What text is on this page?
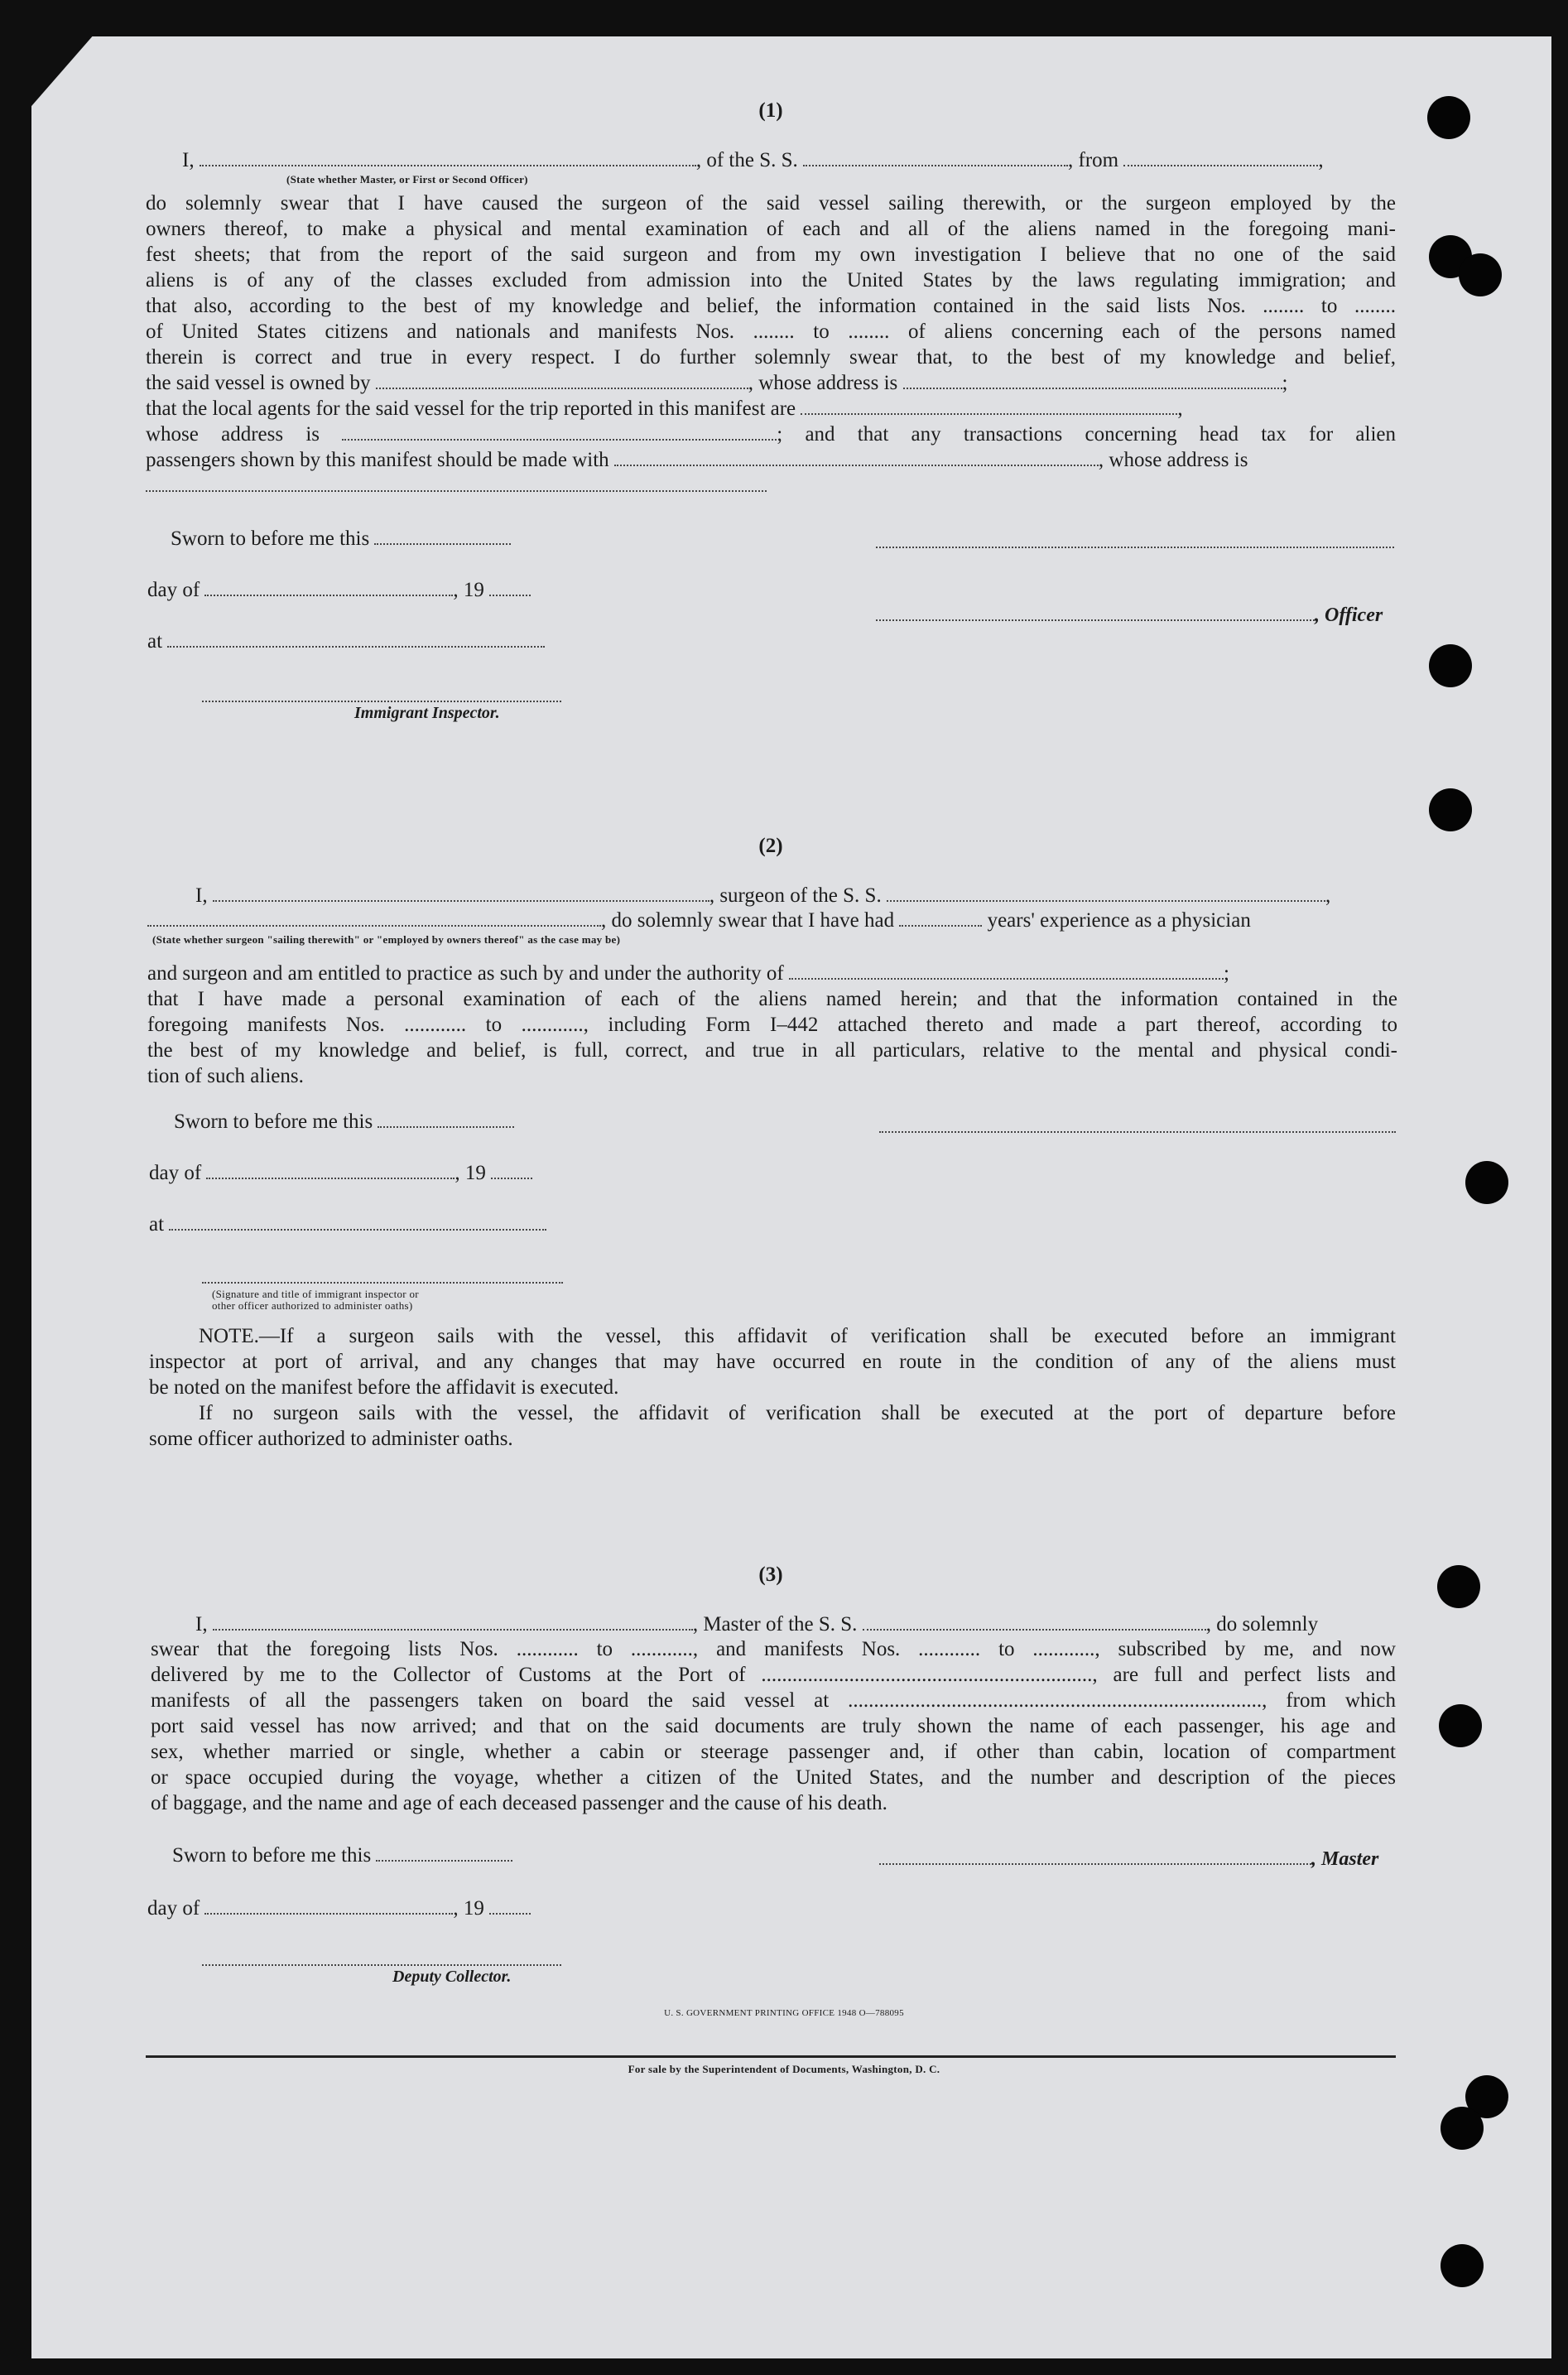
(1)
I,	, of the S. S.	, from	,
(State whether Master, or First or Second Officer)
do solemnly swear that I have caused the surgeon of the said vessel sailing therewith, or the surgeon employed by the
owners thereof, to make a physical and mental examination of each and all of the aliens named in the foregoing mani-
fest sheets; that from the report of the said surgeon and from my own investigation I believe that no one of the said
aliens is of any of the classes excluded from admission into the United States by the laws regulating immigration; and
that also, according to the best of my knowledge and belief, the information contained in the said lists Nos. ........ to ........
of United States citizens and nationals and manifests Nos. ........ to ........ of aliens concerning each of the persons named
therein is correct and true in every respect. I do further solemnly swear that, to the best of my knowledge and belief,
the said vessel is owned by	, whose address is	;
that the local agents for the said vessel for the trip reported in this manifest are	,
whose address is	; and that any transactions concerning head tax for alien
passengers shown by this manifest should be made with	, whose address is
Sworn to before me this
day of	, 19
, Officer
at
Immigrant Inspector.
(2)
I,	, surgeon of the S. S.	,
, do solemnly swear that I have had	years' experience as a physician
(State whether surgeon "sailing therewith" or "employed by owners thereof" as the case may be)
and surgeon and am entitled to practice as such by and under the authority of	;
that I have made a personal examination of each of the aliens named herein; and that the information contained in the
foregoing manifests Nos. ............ to ............, including Form I–442 attached thereto and made a part thereof, according to
the best of my knowledge and belief, is full, correct, and true in all particulars, relative to the mental and physical condi-
tion of such aliens.
Sworn to before me this
day of	, 19
at
(Signature and title of immigrant inspector or
other officer authorized to administer oaths)
NOTE.—If a surgeon sails with the vessel, this affidavit of verification shall be executed before an immigrant
inspector at port of arrival, and any changes that may have occurred en route in the condition of any of the aliens must
be noted on the manifest before the affidavit is executed.
If no surgeon sails with the vessel, the affidavit of verification shall be executed at the port of departure before
some officer authorized to administer oaths.
(3)
I,	, Master of the S. S.	, do solemnly
swear that the foregoing lists Nos. ............ to ............, and manifests Nos. ............ to ............, subscribed by me, and now
delivered by me to the Collector of Customs at the Port of ................................................................, are full and perfect lists and
manifests of all the passengers taken on board the said vessel at ................................................................................, from which
port said vessel has now arrived; and that on the said documents are truly shown the name of each passenger, his age and
sex, whether married or single, whether a cabin or steerage passenger and, if other than cabin, location of compartment
or space occupied during the voyage, whether a citizen of the United States, and the number and description of the pieces
of baggage, and the name and age of each deceased passenger and the cause of his death.
Sworn to before me this	, Master
day of	, 19
Deputy Collector.
U. S. GOVERNMENT PRINTING OFFICE 1948 O—788095
For sale by the Superintendent of Documents, Washington, D. C.
